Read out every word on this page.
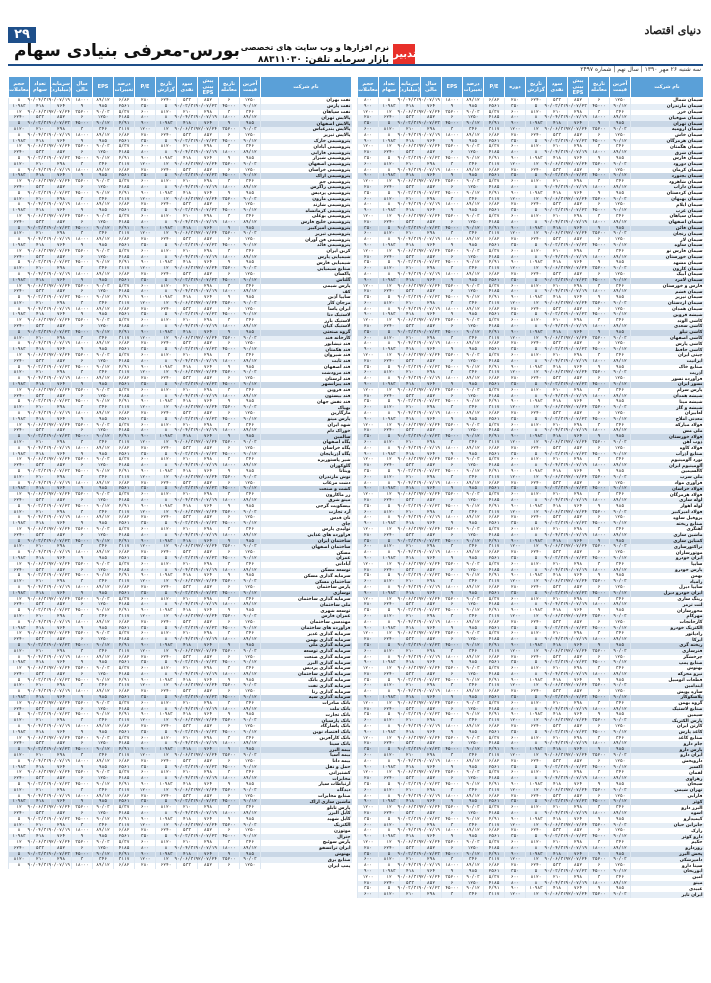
۲۹	دنیای اقتصاد
بورس-معرفی بنیادی سهام	تدبیر
نرم افزارها و وب سایت های تخصصی
بازار سرمایه تلفن: ۸۸۳۱۱۰۳۰
سه شنبه ۲۶ مهر ۱۳۹۰ | سال نهم | شماره ۲۴۹۷
نام شرکت	آخرین قیمت	تاریخ معامله	پیش بینی EPS	سود نقدی	تاریخ گزارش	دوره	P/E	درصد تغییرات	EPS	سال مالی	سرمایه (میلیارد)	تعداد سهام	حجم معاملات
سیمان شمال	۱۲۵۰	۶	۸۵۲	۵۳۳	۶۲۴۰	۲۸۰	۶/۸۲	۸۹/۱۲	۱۸۰۰۰	۹۰/۰۷/۱۹	۹۰/۰۴/۳۱	۸	۸۰۰
سیمان مازندران	۹۰/۱۲	۴۵۰۰۰	۹۰/۰۷/۲۳	۹۰/۰۳/۳۱	۵	۳۵۰	۲۵۶۱	۹۸۵	۹	۷۶۴	۴۱۸	۱۰۹۸۳	۹۰۰
سیمان خزر	۳۴۶	۳	۲۹۸	۲۱۰	۸۱۲۰	۶۰۰	۵/۳۷	۹۰/۰۳	۳۵۲۰۰	۹۲/۰۷/۲۴	۹۰/۰۶/۳۱	۱۲	۱۲۰۰
سیمان صوفیان	۸۹/۱۲	۱۸۰۰۰	۹۰/۰۷/۱۹	۹۰/۰۴/۳۱	۸	۸۰۰	۴۱۸۵	۱۲۵۰	۶	۸۵۲	۵۳۳	۶۲۴۰	۲۸۰
سیمان تهران	۹۸۵	۹	۷۶۴	۴۱۸	۱۰۹۸۳	۹۰۰	۴/۹۱	۹۰/۱۲	۴۵۰۰۰	۹۰/۰۷/۲۳	۹۰/۰۳/۳۱	۵	۳۵۰
سیمان ارومیه	۹۰/۰۳	۳۵۲۰۰	۹۲/۰۷/۲۴	۹۰/۰۶/۳۱	۱۲	۱۲۰۰	۳۱۱۷	۳۴۶	۳	۲۹۸	۲۱۰	۸۱۲۰	۶۰۰
سیمان خاش	۱۲۵۰	۶	۸۵۲	۵۳۳	۶۲۴۰	۲۸۰	۶/۸۲	۸۹/۱۲	۱۸۰۰۰	۹۰/۰۷/۱۹	۹۰/۰۴/۳۱	۸	۸۰۰
سیمان هرمزگان	۹۰/۱۲	۴۵۰۰۰	۹۰/۰۷/۲۳	۹۰/۰۳/۳۱	۵	۳۵۰	۲۵۶۱	۹۸۵	۹	۷۶۴	۴۱۸	۱۰۹۸۳	۹۰۰
سیمان هگمتان	۳۴۶	۳	۲۹۸	۲۱۰	۸۱۲۰	۶۰۰	۵/۳۷	۹۰/۰۳	۳۵۲۰۰	۹۲/۰۷/۲۴	۹۰/۰۶/۳۱	۱۲	۱۲۰۰
سیمان شرق	۸۹/۱۲	۱۸۰۰۰	۹۰/۰۷/۱۹	۹۰/۰۴/۳۱	۸	۸۰۰	۴۱۸۵	۱۲۵۰	۶	۸۵۲	۵۳۳	۶۲۴۰	۲۸۰
سیمان فارس	۹۸۵	۹	۷۶۴	۴۱۸	۱۰۹۸۳	۹۰۰	۴/۹۱	۹۰/۱۲	۴۵۰۰۰	۹۰/۰۷/۲۳	۹۰/۰۳/۳۱	۵	۳۵۰
سیمان دورود	۹۰/۰۳	۳۵۲۰۰	۹۲/۰۷/۲۴	۹۰/۰۶/۳۱	۱۲	۱۲۰۰	۳۱۱۷	۳۴۶	۳	۲۹۸	۲۱۰	۸۱۲۰	۶۰۰
سیمان کرمان	۱۲۵۰	۶	۸۵۲	۵۳۳	۶۲۴۰	۲۸۰	۶/۸۲	۸۹/۱۲	۱۸۰۰۰	۹۰/۰۷/۱۹	۹۰/۰۴/۳۱	۸	۸۰۰
سیمان بجنورد	۹۰/۱۲	۴۵۰۰۰	۹۰/۰۷/۲۳	۹۰/۰۳/۳۱	۵	۳۵۰	۲۵۶۱	۹۸۵	۹	۷۶۴	۴۱۸	۱۰۹۸۳	۹۰۰
سیمان شاهرود	۳۴۶	۳	۲۹۸	۲۱۰	۸۱۲۰	۶۰۰	۵/۳۷	۹۰/۰۳	۳۵۲۰۰	۹۲/۰۷/۲۴	۹۰/۰۶/۳۱	۱۲	۱۲۰۰
سیمان داراب	۸۹/۱۲	۱۸۰۰۰	۹۰/۰۷/۱۹	۹۰/۰۴/۳۱	۸	۸۰۰	۴۱۸۵	۱۲۵۰	۶	۸۵۲	۵۳۳	۶۲۴۰	۲۸۰
سیمان کردستان	۹۸۵	۹	۷۶۴	۴۱۸	۱۰۹۸۳	۹۰۰	۴/۹۱	۹۰/۱۲	۴۵۰۰۰	۹۰/۰۷/۲۳	۹۰/۰۳/۳۱	۵	۳۵۰
سیمان بهبهان	۹۰/۰۳	۳۵۲۰۰	۹۲/۰۷/۲۴	۹۰/۰۶/۳۱	۱۲	۱۲۰۰	۳۱۱۷	۳۴۶	۳	۲۹۸	۲۱۰	۸۱۲۰	۶۰۰
سیمان ایلام	۱۲۵۰	۶	۸۵۲	۵۳۳	۶۲۴۰	۲۸۰	۶/۸۲	۸۹/۱۲	۱۸۰۰۰	۹۰/۰۷/۱۹	۹۰/۰۴/۳۱	۸	۸۰۰
سیمان غرب	۹۰/۱۲	۴۵۰۰۰	۹۰/۰۷/۲۳	۹۰/۰۳/۳۱	۵	۳۵۰	۲۵۶۱	۹۸۵	۹	۷۶۴	۴۱۸	۱۰۹۸۳	۹۰۰
سیمان سپاهان	۳۴۶	۳	۲۹۸	۲۱۰	۸۱۲۰	۶۰۰	۵/۳۷	۹۰/۰۳	۳۵۲۰۰	۹۲/۰۷/۲۴	۹۰/۰۶/۳۱	۱۲	۱۲۰۰
سیمان اصفهان	۸۹/۱۲	۱۸۰۰۰	۹۰/۰۷/۱۹	۹۰/۰۴/۳۱	۸	۸۰۰	۴۱۸۵	۱۲۵۰	۶	۸۵۲	۵۳۳	۶۲۴۰	۲۸۰
سیمان قائن	۹۸۵	۹	۷۶۴	۴۱۸	۱۰۹۸۳	۹۰۰	۴/۹۱	۹۰/۱۲	۴۵۰۰۰	۹۰/۰۷/۲۳	۹۰/۰۳/۳۱	۵	۳۵۰
سیمان زنجان	۹۰/۰۳	۳۵۲۰۰	۹۲/۰۷/۲۴	۹۰/۰۶/۳۱	۱۲	۱۲۰۰	۳۱۱۷	۳۴۶	۳	۲۹۸	۲۱۰	۸۱۲۰	۶۰۰
سیمان لار	۱۲۵۰	۶	۸۵۲	۵۳۳	۶۲۴۰	۲۸۰	۶/۸۲	۸۹/۱۲	۱۸۰۰۰	۹۰/۰۷/۱۹	۹۰/۰۴/۳۱	۸	۸۰۰
سیمان ساوه	۹۰/۱۲	۴۵۰۰۰	۹۰/۰۷/۲۳	۹۰/۰۳/۳۱	۵	۳۵۰	۲۵۶۱	۹۸۵	۹	۷۶۴	۴۱۸	۱۰۹۸۳	۹۰۰
سیمان فارس نو	۳۴۶	۳	۲۹۸	۲۱۰	۸۱۲۰	۶۰۰	۵/۳۷	۹۰/۰۳	۳۵۲۰۰	۹۲/۰۷/۲۴	۹۰/۰۶/۳۱	۱۲	۱۲۰۰
سیمان خوزستان	۸۹/۱۲	۱۸۰۰۰	۹۰/۰۷/۱۹	۹۰/۰۴/۳۱	۸	۸۰۰	۴۱۸۵	۱۲۵۰	۶	۸۵۲	۵۳۳	۶۲۴۰	۲۸۰
سیمان مشهد	۹۸۵	۹	۷۶۴	۴۱۸	۱۰۹۸۳	۹۰۰	۴/۹۱	۹۰/۱۲	۴۵۰۰۰	۹۰/۰۷/۲۳	۹۰/۰۳/۳۱	۵	۳۵۰
سیمان کارون	۹۰/۰۳	۳۵۲۰۰	۹۲/۰۷/۲۴	۹۰/۰۶/۳۱	۱۲	۱۲۰۰	۳۱۱۷	۳۴۶	۳	۲۹۸	۲۱۰	۸۱۲۰	۶۰۰
سیمان آبیک	۱۲۵۰	۶	۸۵۲	۵۳۳	۶۲۴۰	۲۸۰	۶/۸۲	۸۹/۱۲	۱۸۰۰۰	۹۰/۰۷/۱۹	۹۰/۰۴/۳۱	۸	۸۰۰
سیمان لامرد	۹۰/۱۲	۴۵۰۰۰	۹۰/۰۷/۲۳	۹۰/۰۳/۳۱	۵	۳۵۰	۲۵۶۱	۹۸۵	۹	۷۶۴	۴۱۸	۱۰۹۸۳	۹۰۰
فارس و خوزستان	۳۴۶	۳	۲۹۸	۲۱۰	۸۱۲۰	۶۰۰	۵/۳۷	۹۰/۰۳	۳۵۲۰۰	۹۲/۰۷/۲۴	۹۰/۰۶/۳۱	۱۲	۱۲۰۰
سیمان قشم	۸۹/۱۲	۱۸۰۰۰	۹۰/۰۷/۱۹	۹۰/۰۴/۳۱	۸	۸۰۰	۴۱۸۵	۱۲۵۰	۶	۸۵۲	۵۳۳	۶۲۴۰	۲۸۰
سیمان نیریز	۹۸۵	۹	۷۶۴	۴۱۸	۱۰۹۸۳	۹۰۰	۴/۹۱	۹۰/۱۲	۴۵۰۰۰	۹۰/۰۷/۲۳	۹۰/۰۳/۳۱	۵	۳۵۰
سیمان اردستان	۹۰/۰۳	۳۵۲۰۰	۹۲/۰۷/۲۴	۹۰/۰۶/۳۱	۱۲	۱۲۰۰	۳۱۱۷	۳۴۶	۳	۲۹۸	۲۱۰	۸۱۲۰	۶۰۰
سیمان همدان	۱۲۵۰	۶	۸۵۲	۵۳۳	۶۲۴۰	۲۸۰	۶/۸۲	۸۹/۱۲	۱۸۰۰۰	۹۰/۰۷/۱۹	۹۰/۰۴/۳۱	۸	۸۰۰
شیشه قزوین	۹۰/۱۲	۴۵۰۰۰	۹۰/۰۷/۲۳	۹۰/۰۳/۳۱	۵	۳۵۰	۲۵۶۱	۹۸۵	۹	۷۶۴	۴۱۸	۱۰۹۸۳	۹۰۰
کاشی الوند	۳۴۶	۳	۲۹۸	۲۱۰	۸۱۲۰	۶۰۰	۵/۳۷	۹۰/۰۳	۳۵۲۰۰	۹۲/۰۷/۲۴	۹۰/۰۶/۳۱	۱۲	۱۲۰۰
کاشی سعدی	۸۹/۱۲	۱۸۰۰۰	۹۰/۰۷/۱۹	۹۰/۰۴/۳۱	۸	۸۰۰	۴۱۸۵	۱۲۵۰	۶	۸۵۲	۵۳۳	۶۲۴۰	۲۸۰
کاشی نیلو	۹۸۵	۹	۷۶۴	۴۱۸	۱۰۹۸۳	۹۰۰	۴/۹۱	۹۰/۱۲	۴۵۰۰۰	۹۰/۰۷/۲۳	۹۰/۰۳/۳۱	۵	۳۵۰
کاشی اصفهان	۹۰/۰۳	۳۵۲۰۰	۹۲/۰۷/۲۴	۹۰/۰۶/۳۱	۱۲	۱۲۰۰	۳۱۱۷	۳۴۶	۳	۲۹۸	۲۱۰	۸۱۲۰	۶۰۰
کاشی پارس	۱۲۵۰	۶	۸۵۲	۵۳۳	۶۲۴۰	۲۸۰	۶/۸۲	۸۹/۱۲	۱۸۰۰۰	۹۰/۰۷/۱۹	۹۰/۰۴/۳۱	۸	۸۰۰
کاشی حافظ	۹۰/۱۲	۴۵۰۰۰	۹۰/۰۷/۲۳	۹۰/۰۳/۳۱	۵	۳۵۰	۲۵۶۱	۹۸۵	۹	۷۶۴	۴۱۸	۱۰۹۸۳	۹۰۰
چینی ایران	۳۴۶	۳	۲۹۸	۲۱۰	۸۱۲۰	۶۰۰	۵/۳۷	۹۰/۰۳	۳۵۲۰۰	۹۲/۰۷/۲۴	۹۰/۰۶/۳۱	۱۲	۱۲۰۰
ایرانیت	۸۹/۱۲	۱۸۰۰۰	۹۰/۰۷/۱۹	۹۰/۰۴/۳۱	۸	۸۰۰	۴۱۸۵	۱۲۵۰	۶	۸۵۲	۵۳۳	۶۲۴۰	۲۸۰
صنایع خاک	۹۸۵	۹	۷۶۴	۴۱۸	۱۰۹۸۳	۹۰۰	۴/۹۱	۹۰/۱۲	۴۵۰۰۰	۹۰/۰۷/۲۳	۹۰/۰۳/۳۱	۵	۳۵۰
آذریت	۹۰/۰۳	۳۵۲۰۰	۹۲/۰۷/۲۴	۹۰/۰۶/۳۱	۱۲	۱۲۰۰	۳۱۱۷	۳۴۶	۳	۲۹۸	۲۱۰	۸۱۲۰	۶۰۰
فرآورده نسوز	۱۲۵۰	۶	۸۵۲	۵۳۳	۶۲۴۰	۲۸۰	۶/۸۲	۸۹/۱۲	۱۸۰۰۰	۹۰/۰۷/۱۹	۹۰/۰۴/۳۱	۸	۸۰۰
نسوز ایران	۹۰/۱۲	۴۵۰۰۰	۹۰/۰۷/۲۳	۹۰/۰۳/۳۱	۵	۳۵۰	۲۵۶۱	۹۸۵	۹	۷۶۴	۴۱۸	۱۰۹۸۳	۹۰۰
پارس سرام	۳۴۶	۳	۲۹۸	۲۱۰	۸۱۲۰	۶۰۰	۵/۳۷	۹۰/۰۳	۳۵۲۰۰	۹۲/۰۷/۲۴	۹۰/۰۶/۳۱	۱۲	۱۲۰۰
شیشه همدان	۸۹/۱۲	۱۸۰۰۰	۹۰/۰۷/۱۹	۹۰/۰۴/۳۱	۸	۸۰۰	۴۱۸۵	۱۲۵۰	۶	۸۵۲	۵۳۳	۶۲۴۰	۲۸۰
شیشه مینا	۹۸۵	۹	۷۶۴	۴۱۸	۱۰۹۸۳	۹۰۰	۴/۹۱	۹۰/۱۲	۴۵۰۰۰	۹۰/۰۷/۲۳	۹۰/۰۳/۳۱	۵	۳۵۰
شیشه و گاز	۹۰/۰۳	۳۵۲۰۰	۹۲/۰۷/۲۴	۹۰/۰۶/۳۱	۱۲	۱۲۰۰	۳۱۱۷	۳۴۶	۳	۲۹۸	۲۱۰	۸۱۲۰	۶۰۰
لعابیران	۱۲۵۰	۶	۸۵۲	۵۳۳	۶۲۴۰	۲۸۰	۶/۸۲	۸۹/۱۲	۱۸۰۰۰	۹۰/۰۷/۱۹	۹۰/۰۴/۳۱	۸	۸۰۰
معدنی املاح	۹۰/۱۲	۴۵۰۰۰	۹۰/۰۷/۲۳	۹۰/۰۳/۳۱	۵	۳۵۰	۲۵۶۱	۹۸۵	۹	۷۶۴	۴۱۸	۱۰۹۸۳	۹۰۰
فولاد مبارکه	۳۴۶	۳	۲۹۸	۲۱۰	۸۱۲۰	۶۰۰	۵/۳۷	۹۰/۰۳	۳۵۲۰۰	۹۲/۰۷/۲۴	۹۰/۰۶/۳۱	۱۲	۱۲۰۰
ملی مس	۸۹/۱۲	۱۸۰۰۰	۹۰/۰۷/۱۹	۹۰/۰۴/۳۱	۸	۸۰۰	۴۱۸۵	۱۲۵۰	۶	۸۵۲	۵۳۳	۶۲۴۰	۲۸۰
فولاد خوزستان	۹۸۵	۹	۷۶۴	۴۱۸	۱۰۹۸۳	۹۰۰	۴/۹۱	۹۰/۱۲	۴۵۰۰۰	۹۰/۰۷/۲۳	۹۰/۰۳/۳۱	۵	۳۵۰
ذوب آهن	۹۰/۰۳	۳۵۲۰۰	۹۲/۰۷/۲۴	۹۰/۰۶/۳۱	۱۲	۱۲۰۰	۳۱۱۷	۳۴۶	۳	۲۹۸	۲۱۰	۸۱۲۰	۶۰۰
فولاد کاوه	۱۲۵۰	۶	۸۵۲	۵۳۳	۶۲۴۰	۲۸۰	۶/۸۲	۸۹/۱۲	۱۸۰۰۰	۹۰/۰۷/۱۹	۹۰/۰۴/۳۱	۸	۸۰۰
صنایع آذرآب	۹۰/۱۲	۴۵۰۰۰	۹۰/۰۷/۲۳	۹۰/۰۳/۳۱	۵	۳۵۰	۲۵۶۱	۹۸۵	۹	۷۶۴	۴۱۸	۱۰۹۸۳	۹۰۰
نورد آلومینیوم	۳۴۶	۳	۲۹۸	۲۱۰	۸۱۲۰	۶۰۰	۵/۳۷	۹۰/۰۳	۳۵۲۰۰	۹۲/۰۷/۲۴	۹۰/۰۶/۳۱	۱۲	۱۲۰۰
آلومینیوم ایران	۸۹/۱۲	۱۸۰۰۰	۹۰/۰۷/۱۹	۹۰/۰۴/۳۱	۸	۸۰۰	۴۱۸۵	۱۲۵۰	۶	۸۵۲	۵۳۳	۶۲۴۰	۲۸۰
کالسیمین	۹۸۵	۹	۷۶۴	۴۱۸	۱۰۹۸۳	۹۰۰	۴/۹۱	۹۰/۱۲	۴۵۰۰۰	۹۰/۰۷/۲۳	۹۰/۰۳/۳۱	۵	۳۵۰
ملی سرب	۹۰/۰۳	۳۵۲۰۰	۹۲/۰۷/۲۴	۹۰/۰۶/۳۱	۱۲	۱۲۰۰	۳۱۱۷	۳۴۶	۳	۲۹۸	۲۱۰	۸۱۲۰	۶۰۰
فرآوری مواد	۱۲۵۰	۶	۸۵۲	۵۳۳	۶۲۴۰	۲۸۰	۶/۸۲	۸۹/۱۲	۱۸۰۰۰	۹۰/۰۷/۱۹	۹۰/۰۴/۳۱	۸	۸۰۰
فولاد خراسان	۹۰/۱۲	۴۵۰۰۰	۹۰/۰۷/۲۳	۹۰/۰۳/۳۱	۵	۳۵۰	۲۵۶۱	۹۸۵	۹	۷۶۴	۴۱۸	۱۰۹۸۳	۹۰۰
فولاد هرمزگان	۳۴۶	۳	۲۹۸	۲۱۰	۸۱۲۰	۶۰۰	۵/۳۷	۹۰/۰۳	۳۵۲۰۰	۹۲/۰۷/۲۴	۹۰/۰۶/۳۱	۱۲	۱۲۰۰
لوله سازی	۸۹/۱۲	۱۸۰۰۰	۹۰/۰۷/۱۹	۹۰/۰۴/۳۱	۸	۸۰۰	۴۱۸۵	۱۲۵۰	۶	۸۵۲	۵۳۳	۶۲۴۰	۲۸۰
لوله اهواز	۹۸۵	۹	۷۶۴	۴۱۸	۱۰۹۸۳	۹۰۰	۴/۹۱	۹۰/۱۲	۴۵۰۰۰	۹۰/۰۷/۲۳	۹۰/۰۳/۳۱	۵	۳۵۰
فولاد امیرکبیر	۹۰/۰۳	۳۵۲۰۰	۹۲/۰۷/۲۴	۹۰/۰۶/۳۱	۱۲	۱۲۰۰	۳۱۱۷	۳۴۶	۳	۲۹۸	۲۱۰	۸۱۲۰	۶۰۰
پروفیل ساوه	۱۲۵۰	۶	۸۵۲	۵۳۳	۶۲۴۰	۲۸۰	۶/۸۲	۸۹/۱۲	۱۸۰۰۰	۹۰/۰۷/۱۹	۹۰/۰۴/۳۱	۸	۸۰۰
صنایع ریخته	۹۰/۱۲	۴۵۰۰۰	۹۰/۰۷/۲۳	۹۰/۰۳/۳۱	۵	۳۵۰	۲۵۶۱	۹۸۵	۹	۷۶۴	۴۱۸	۱۰۹۸۳	۹۰۰
آهنگری	۳۴۶	۳	۲۹۸	۲۱۰	۸۱۲۰	۶۰۰	۵/۳۷	۹۰/۰۳	۳۵۲۰۰	۹۲/۰۷/۲۴	۹۰/۰۶/۳۱	۱۲	۱۲۰۰
ماشین سازی	۸۹/۱۲	۱۸۰۰۰	۹۰/۰۷/۱۹	۹۰/۰۴/۳۱	۸	۸۰۰	۴۱۸۵	۱۲۵۰	۶	۸۵۲	۵۳۳	۶۲۴۰	۲۸۰
کمباین سازی	۹۸۵	۹	۷۶۴	۴۱۸	۱۰۹۸۳	۹۰۰	۴/۹۱	۹۰/۱۲	۴۵۰۰۰	۹۰/۰۷/۲۳	۹۰/۰۳/۳۱	۵	۳۵۰
تراکتورسازی	۹۰/۰۳	۳۵۲۰۰	۹۲/۰۷/۲۴	۹۰/۰۶/۳۱	۱۲	۱۲۰۰	۳۱۱۷	۳۴۶	۳	۲۹۸	۲۱۰	۸۱۲۰	۶۰۰
موتورسازان	۱۲۵۰	۶	۸۵۲	۵۳۳	۶۲۴۰	۲۸۰	۶/۸۲	۸۹/۱۲	۱۸۰۰۰	۹۰/۰۷/۱۹	۹۰/۰۴/۳۱	۸	۸۰۰
ایران خودرو	۹۰/۱۲	۴۵۰۰۰	۹۰/۰۷/۲۳	۹۰/۰۳/۳۱	۵	۳۵۰	۲۵۶۱	۹۸۵	۹	۷۶۴	۴۱۸	۱۰۹۸۳	۹۰۰
سایپا	۳۴۶	۳	۲۹۸	۲۱۰	۸۱۲۰	۶۰۰	۵/۳۷	۹۰/۰۳	۳۵۲۰۰	۹۲/۰۷/۲۴	۹۰/۰۶/۳۱	۱۲	۱۲۰۰
پارس خودرو	۸۹/۱۲	۱۸۰۰۰	۹۰/۰۷/۱۹	۹۰/۰۴/۳۱	۸	۸۰۰	۴۱۸۵	۱۲۵۰	۶	۸۵۲	۵۳۳	۶۲۴۰	۲۸۰
بهمن	۹۸۵	۹	۷۶۴	۴۱۸	۱۰۹۸۳	۹۰۰	۴/۹۱	۹۰/۱۲	۴۵۰۰۰	۹۰/۰۷/۲۳	۹۰/۰۳/۳۱	۵	۳۵۰
زامیاد	۹۰/۰۳	۳۵۲۰۰	۹۲/۰۷/۲۴	۹۰/۰۶/۳۱	۱۲	۱۲۰۰	۳۱۱۷	۳۴۶	۳	۲۹۸	۲۱۰	۸۱۲۰	۶۰۰
سایپا دیزل	۱۲۵۰	۶	۸۵۲	۵۳۳	۶۲۴۰	۲۸۰	۶/۸۲	۸۹/۱۲	۱۸۰۰۰	۹۰/۰۷/۱۹	۹۰/۰۴/۳۱	۸	۸۰۰
ایران خودرو دیزل	۹۰/۱۲	۴۵۰۰۰	۹۰/۰۷/۲۳	۹۰/۰۳/۳۱	۵	۳۵۰	۲۵۶۱	۹۸۵	۹	۷۶۴	۴۱۸	۱۰۹۸۳	۹۰۰
رینگ سازی	۳۴۶	۳	۲۹۸	۲۱۰	۸۱۲۰	۶۰۰	۵/۳۷	۹۰/۰۳	۳۵۲۰۰	۹۲/۰۷/۲۴	۹۰/۰۶/۳۱	۱۲	۱۲۰۰
لنت ترمز	۸۹/۱۲	۱۸۰۰۰	۹۰/۰۷/۱۹	۹۰/۰۴/۳۱	۸	۸۰۰	۴۱۸۵	۱۲۵۰	۶	۸۵۲	۵۳۳	۶۲۴۰	۲۸۰
محورسازان	۹۸۵	۹	۷۶۴	۴۱۸	۱۰۹۸۳	۹۰۰	۴/۹۱	۹۰/۱۲	۴۵۰۰۰	۹۰/۰۷/۲۳	۹۰/۰۳/۳۱	۵	۳۵۰
مهرکام	۹۰/۰۳	۳۵۲۰۰	۹۲/۰۷/۲۴	۹۰/۰۶/۳۱	۱۲	۱۲۰۰	۳۱۱۷	۳۴۶	۳	۲۹۸	۲۱۰	۸۱۲۰	۶۰۰
کارخانجات	۱۲۵۰	۶	۸۵۲	۵۳۳	۶۲۴۰	۲۸۰	۶/۸۲	۸۹/۱۲	۱۸۰۰۰	۹۰/۰۷/۱۹	۹۰/۰۴/۳۱	۸	۸۰۰
الکتریک خودرو	۹۰/۱۲	۴۵۰۰۰	۹۰/۰۷/۲۳	۹۰/۰۳/۳۱	۵	۳۵۰	۲۵۶۱	۹۸۵	۹	۷۶۴	۴۱۸	۱۰۹۸۳	۹۰۰
رادیاتور	۳۴۶	۳	۲۹۸	۲۱۰	۸۱۲۰	۶۰۰	۵/۳۷	۹۰/۰۳	۳۵۲۰۰	۹۲/۰۷/۲۴	۹۰/۰۶/۳۱	۱۲	۱۲۰۰
ایرکا	۸۹/۱۲	۱۸۰۰۰	۹۰/۰۷/۱۹	۹۰/۰۴/۳۱	۸	۸۰۰	۴۱۸۵	۱۲۵۰	۶	۸۵۲	۵۳۳	۶۲۴۰	۲۸۰
ریخته گری	۹۸۵	۹	۷۶۴	۴۱۸	۱۰۹۸۳	۹۰۰	۴/۹۱	۹۰/۱۲	۴۵۰۰۰	۹۰/۰۷/۲۳	۹۰/۰۳/۳۱	۵	۳۵۰
فنرسازی	۹۰/۰۳	۳۵۲۰۰	۹۲/۰۷/۲۴	۹۰/۰۶/۳۱	۱۲	۱۲۰۰	۳۱۱۷	۳۴۶	۳	۲۹۸	۲۱۰	۸۱۲۰	۶۰۰
چرخشگر	۱۲۵۰	۶	۸۵۲	۵۳۳	۶۲۴۰	۲۸۰	۶/۸۲	۸۹/۱۲	۱۸۰۰۰	۹۰/۰۷/۱۹	۹۰/۰۴/۳۱	۸	۸۰۰
صنایع پمپ	۹۰/۱۲	۴۵۰۰۰	۹۰/۰۷/۲۳	۹۰/۰۳/۳۱	۵	۳۵۰	۲۵۶۱	۹۸۵	۹	۷۶۴	۴۱۸	۱۰۹۸۳	۹۰۰
بهنوش	۳۴۶	۳	۲۹۸	۲۱۰	۸۱۲۰	۶۰۰	۵/۳۷	۹۰/۰۳	۳۵۲۰۰	۹۲/۰۷/۲۴	۹۰/۰۶/۳۱	۱۲	۱۲۰۰
نیرو محرکه	۸۹/۱۲	۱۸۰۰۰	۹۰/۰۷/۱۹	۹۰/۰۴/۳۱	۸	۸۰۰	۴۱۸۵	۱۲۵۰	۶	۸۵۲	۵۳۳	۶۲۴۰	۲۸۰
قطعات اتومبیل	۹۸۵	۹	۷۶۴	۴۱۸	۱۰۹۸۳	۹۰۰	۴/۹۱	۹۰/۱۲	۴۵۰۰۰	۹۰/۰۷/۲۳	۹۰/۰۳/۳۱	۵	۳۵۰
ایندامین	۹۰/۰۳	۳۵۲۰۰	۹۲/۰۷/۲۴	۹۰/۰۶/۳۱	۱۲	۱۲۰۰	۳۱۱۷	۳۴۶	۳	۲۹۸	۲۱۰	۸۱۲۰	۶۰۰
سازه پویش	۱۲۵۰	۶	۸۵۲	۵۳۳	۶۲۴۰	۲۸۰	۶/۸۲	۸۹/۱۲	۱۸۰۰۰	۹۰/۰۷/۱۹	۹۰/۰۴/۳۱	۸	۸۰۰
پلاسکوکار	۹۰/۱۲	۴۵۰۰۰	۹۰/۰۷/۲۳	۹۰/۰۳/۳۱	۵	۳۵۰	۲۵۶۱	۹۸۵	۹	۷۶۴	۴۱۸	۱۰۹۸۳	۹۰۰
گروه بهمن	۳۴۶	۳	۲۹۸	۲۱۰	۸۱۲۰	۶۰۰	۵/۳۷	۹۰/۰۳	۳۵۲۰۰	۹۲/۰۷/۲۴	۹۰/۰۶/۳۱	۱۲	۱۲۰۰
صنایع لاستیک	۸۹/۱۲	۱۸۰۰۰	۹۰/۰۷/۱۹	۹۰/۰۴/۳۱	۸	۸۰۰	۴۱۸۵	۱۲۵۰	۶	۸۵۲	۵۳۳	۶۲۴۰	۲۸۰
سیمین	۹۸۵	۹	۷۶۴	۴۱۸	۱۰۹۸۳	۹۰۰	۴/۹۱	۹۰/۱۲	۴۵۰۰۰	۹۰/۰۷/۲۳	۹۰/۰۳/۳۱	۵	۳۵۰
پارس الکتریک	۹۰/۰۳	۳۵۲۰۰	۹۲/۰۷/۲۴	۹۰/۰۶/۳۱	۱۲	۱۲۰۰	۳۱۱۷	۳۴۶	۳	۲۹۸	۲۱۰	۸۱۲۰	۶۰۰
کارتن ایران	۱۲۵۰	۶	۸۵۲	۵۳۳	۶۲۴۰	۲۸۰	۶/۸۲	۸۹/۱۲	۱۸۰۰۰	۹۰/۰۷/۱۹	۹۰/۰۴/۳۱	۸	۸۰۰
کاغذ پارس	۹۰/۱۲	۴۵۰۰۰	۹۰/۰۷/۲۳	۹۰/۰۳/۳۱	۵	۳۵۰	۲۵۶۱	۹۸۵	۹	۷۶۴	۴۱۸	۱۰۹۸۳	۹۰۰
صنایع کاغذ	۳۴۶	۳	۲۹۸	۲۱۰	۸۱۲۰	۶۰۰	۵/۳۷	۹۰/۰۳	۳۵۲۰۰	۹۲/۰۷/۲۴	۹۰/۰۶/۳۱	۱۲	۱۲۰۰
جام دارو	۸۹/۱۲	۱۸۰۰۰	۹۰/۰۷/۱۹	۹۰/۰۴/۳۱	۸	۸۰۰	۴۱۸۵	۱۲۵۰	۶	۸۵۲	۵۳۳	۶۲۴۰	۲۸۰
پارس دارو	۹۸۵	۹	۷۶۴	۴۱۸	۱۰۹۸۳	۹۰۰	۴/۹۱	۹۰/۱۲	۴۵۰۰۰	۹۰/۰۷/۲۳	۹۰/۰۳/۳۱	۵	۳۵۰
ایران دارو	۹۰/۰۳	۳۵۲۰۰	۹۲/۰۷/۲۴	۹۰/۰۶/۳۱	۱۲	۱۲۰۰	۳۱۱۷	۳۴۶	۳	۲۹۸	۲۱۰	۸۱۲۰	۶۰۰
داروپخش	۱۲۵۰	۶	۸۵۲	۵۳۳	۶۲۴۰	۲۸۰	۶/۸۲	۸۹/۱۲	۱۸۰۰۰	۹۰/۰۷/۱۹	۹۰/۰۴/۳۱	۸	۸۰۰
اکسیر	۹۰/۱۲	۴۵۰۰۰	۹۰/۰۷/۲۳	۹۰/۰۳/۳۱	۵	۳۵۰	۲۵۶۱	۹۸۵	۹	۷۶۴	۴۱۸	۱۰۹۸۳	۹۰۰
لقمان	۳۴۶	۳	۲۹۸	۲۱۰	۸۱۲۰	۶۰۰	۵/۳۷	۹۰/۰۳	۳۵۲۰۰	۹۲/۰۷/۲۴	۹۰/۰۶/۳۱	۱۲	۱۲۰۰
زهراوی	۸۹/۱۲	۱۸۰۰۰	۹۰/۰۷/۱۹	۹۰/۰۴/۳۱	۸	۸۰۰	۴۱۸۵	۱۲۵۰	۶	۸۵۲	۵۳۳	۶۲۴۰	۲۸۰
سبحان	۹۸۵	۹	۷۶۴	۴۱۸	۱۰۹۸۳	۹۰۰	۴/۹۱	۹۰/۱۲	۴۵۰۰۰	۹۰/۰۷/۲۳	۹۰/۰۳/۳۱	۵	۳۵۰
تهران شیمی	۹۰/۰۳	۳۵۲۰۰	۹۲/۰۷/۲۴	۹۰/۰۶/۳۱	۱۲	۱۲۰۰	۳۱۱۷	۳۴۶	۳	۲۹۸	۲۱۰	۸۱۲۰	۶۰۰
فارابی	۱۲۵۰	۶	۸۵۲	۵۳۳	۶۲۴۰	۲۸۰	۶/۸۲	۸۹/۱۲	۱۸۰۰۰	۹۰/۰۷/۱۹	۹۰/۰۴/۳۱	۸	۸۰۰
کوثر	۹۰/۱۲	۴۵۰۰۰	۹۰/۰۷/۲۳	۹۰/۰۳/۳۱	۵	۳۵۰	۲۵۶۱	۹۸۵	۹	۷۶۴	۴۱۸	۱۰۹۸۳	۹۰۰
البرز دارو	۳۴۶	۳	۲۹۸	۲۱۰	۸۱۲۰	۶۰۰	۵/۳۷	۹۰/۰۳	۳۵۲۰۰	۹۲/۰۷/۲۴	۹۰/۰۶/۳۱	۱۲	۱۲۰۰
اسوه	۸۹/۱۲	۱۸۰۰۰	۹۰/۰۷/۱۹	۹۰/۰۴/۳۱	۸	۸۰۰	۴۱۸۵	۱۲۵۰	۶	۸۵۲	۵۳۳	۶۲۴۰	۲۸۰
کیمیدارو	۹۸۵	۹	۷۶۴	۴۱۸	۱۰۹۸۳	۹۰۰	۴/۹۱	۹۰/۱۲	۴۵۰۰۰	۹۰/۰۷/۲۳	۹۰/۰۳/۳۱	۵	۳۵۰
جابرابن حیان	۹۰/۰۳	۳۵۲۰۰	۹۲/۰۷/۲۴	۹۰/۰۶/۳۱	۱۲	۱۲۰۰	۳۱۱۷	۳۴۶	۳	۲۹۸	۲۱۰	۸۱۲۰	۶۰۰
رازک	۱۲۵۰	۶	۸۵۲	۵۳۳	۶۲۴۰	۲۸۰	۶/۸۲	۸۹/۱۲	۱۸۰۰۰	۹۰/۰۷/۱۹	۹۰/۰۴/۳۱	۸	۸۰۰
دارو کوثر	۹۰/۱۲	۴۵۰۰۰	۹۰/۰۷/۲۳	۹۰/۰۳/۳۱	۵	۳۵۰	۲۵۶۱	۹۸۵	۹	۷۶۴	۴۱۸	۱۰۹۸۳	۹۰۰
حکیم	۳۴۶	۳	۲۹۸	۲۱۰	۸۱۲۰	۶۰۰	۵/۳۷	۹۰/۰۳	۳۵۲۰۰	۹۲/۰۷/۲۴	۹۰/۰۶/۳۱	۱۲	۱۲۰۰
روزدارو	۸۹/۱۲	۱۸۰۰۰	۹۰/۰۷/۱۹	۹۰/۰۴/۳۱	۸	۸۰۰	۴۱۸۵	۱۲۵۰	۶	۸۵۲	۵۳۳	۶۲۴۰	۲۸۰
پخش البرز	۹۸۵	۹	۷۶۴	۴۱۸	۱۰۹۸۳	۹۰۰	۴/۹۱	۹۰/۱۲	۴۵۰۰۰	۹۰/۰۷/۲۳	۹۰/۰۳/۳۱	۵	۳۵۰
دامپزشکی	۹۰/۰۳	۳۵۲۰۰	۹۲/۰۷/۲۴	۹۰/۰۶/۳۱	۱۲	۱۲۰۰	۳۱۱۷	۳۴۶	۳	۲۹۸	۲۱۰	۸۱۲۰	۶۰۰
سینا دارو	۱۲۵۰	۶	۸۵۲	۵۳۳	۶۲۴۰	۲۸۰	۶/۸۲	۸۹/۱۲	۱۸۰۰۰	۹۰/۰۷/۱۹	۹۰/۰۴/۳۱	۸	۸۰۰
ابوریحان	۹۰/۱۲	۴۵۰۰۰	۹۰/۰۷/۲۳	۹۰/۰۳/۳۱	۵	۳۵۰	۲۵۶۱	۹۸۵	۹	۷۶۴	۴۱۸	۱۰۹۸۳	۹۰۰
امین	۳۴۶	۳	۲۹۸	۲۱۰	۸۱۲۰	۶۰۰	۵/۳۷	۹۰/۰۳	۳۵۲۰۰	۹۲/۰۷/۲۴	۹۰/۰۶/۳۱	۱۲	۱۲۰۰
مینو	۸۹/۱۲	۱۸۰۰۰	۹۰/۰۷/۱۹	۹۰/۰۴/۳۱	۸	۸۰۰	۴۱۸۵	۱۲۵۰	۶	۸۵۲	۵۳۳	۶۲۴۰	۲۸۰
عبیدی	۹۸۵	۹	۷۶۴	۴۱۸	۱۰۹۸۳	۹۰۰	۴/۹۱	۹۰/۱۲	۴۵۰۰۰	۹۰/۰۷/۲۳	۹۰/۰۳/۳۱	۵	۳۵۰
ایران تایر	۹۰/۰۳	۳۵۲۰۰	۹۲/۰۷/۲۴	۹۰/۰۶/۳۱	۱۲	۱۲۰۰	۳۱۱۷	۳۴۶	۳	۲۹۸	۲۱۰	۸۱۲۰	۶۰۰
نام شرکت	آخرین قیمت	تاریخ معامله	پیش بینی EPS	سود نقدی	تاریخ گزارش	P/E	درصد تغییرات	EPS	سال مالی	سرمایه (میلیارد)	تعداد سهام	حجم معاملات
نفت بهران	۱۲۵۰	۶	۸۵۲	۵۳۳	۶۲۴۰	۲۸۰	۶/۸۲	۸۹/۱۲	۱۸۰۰۰	۹۰/۰۷/۱۹	۹۰/۰۴/۳۱	۸
نفت پارس	۹۰/۱۲	۴۵۰۰۰	۹۰/۰۷/۲۳	۹۰/۰۳/۳۱	۵	۳۵۰	۲۵۶۱	۹۸۵	۹	۷۶۴	۴۱۸	۱۰۹۸۳
نفت سپاهان	۳۴۶	۳	۲۹۸	۲۱۰	۸۱۲۰	۶۰۰	۵/۳۷	۹۰/۰۳	۳۵۲۰۰	۹۲/۰۷/۲۴	۹۰/۰۶/۳۱	۱۲
پالایش تهران	۸۹/۱۲	۱۸۰۰۰	۹۰/۰۷/۱۹	۹۰/۰۴/۳۱	۸	۸۰۰	۴۱۸۵	۱۲۵۰	۶	۸۵۲	۵۳۳	۶۲۴۰
پالایش اصفهان	۹۸۵	۹	۷۶۴	۴۱۸	۱۰۹۸۳	۹۰۰	۴/۹۱	۹۰/۱۲	۴۵۰۰۰	۹۰/۰۷/۲۳	۹۰/۰۳/۳۱	۵
پالایش بندرعباس	۹۰/۰۳	۳۵۲۰۰	۹۲/۰۷/۲۴	۹۰/۰۶/۳۱	۱۲	۱۲۰۰	۳۱۱۷	۳۴۶	۳	۲۹۸	۲۱۰	۸۱۲۰
پالایش تبریز	۱۲۵۰	۶	۸۵۲	۵۳۳	۶۲۴۰	۲۸۰	۶/۸۲	۸۹/۱۲	۱۸۰۰۰	۹۰/۰۷/۱۹	۹۰/۰۴/۳۱	۸
پتروشیمی خارک	۹۰/۱۲	۴۵۰۰۰	۹۰/۰۷/۲۳	۹۰/۰۳/۳۱	۵	۳۵۰	۲۵۶۱	۹۸۵	۹	۷۶۴	۴۱۸	۱۰۹۸۳
پتروشیمی آبادان	۳۴۶	۳	۲۹۸	۲۱۰	۸۱۲۰	۶۰۰	۵/۳۷	۹۰/۰۳	۳۵۲۰۰	۹۲/۰۷/۲۴	۹۰/۰۶/۳۱	۱۲
پتروشیمی فارابی	۸۹/۱۲	۱۸۰۰۰	۹۰/۰۷/۱۹	۹۰/۰۴/۳۱	۸	۸۰۰	۴۱۸۵	۱۲۵۰	۶	۸۵۲	۵۳۳	۶۲۴۰
پتروشیمی شیراز	۹۸۵	۹	۷۶۴	۴۱۸	۱۰۹۸۳	۹۰۰	۴/۹۱	۹۰/۱۲	۴۵۰۰۰	۹۰/۰۷/۲۳	۹۰/۰۳/۳۱	۵
پتروشیمی اصفهان	۹۰/۰۳	۳۵۲۰۰	۹۲/۰۷/۲۴	۹۰/۰۶/۳۱	۱۲	۱۲۰۰	۳۱۱۷	۳۴۶	۳	۲۹۸	۲۱۰	۸۱۲۰
پتروشیمی خراسان	۱۲۵۰	۶	۸۵۲	۵۳۳	۶۲۴۰	۲۸۰	۶/۸۲	۸۹/۱۲	۱۸۰۰۰	۹۰/۰۷/۱۹	۹۰/۰۴/۳۱	۸
پتروشیمی اراک	۹۰/۱۲	۴۵۰۰۰	۹۰/۰۷/۲۳	۹۰/۰۳/۳۱	۵	۳۵۰	۲۵۶۱	۹۸۵	۹	۷۶۴	۴۱۸	۱۰۹۸۳
پتروشیمی جم	۳۴۶	۳	۲۹۸	۲۱۰	۸۱۲۰	۶۰۰	۵/۳۷	۹۰/۰۳	۳۵۲۰۰	۹۲/۰۷/۲۴	۹۰/۰۶/۳۱	۱۲
پتروشیمی زاگرس	۸۹/۱۲	۱۸۰۰۰	۹۰/۰۷/۱۹	۹۰/۰۴/۳۱	۸	۸۰۰	۴۱۸۵	۱۲۵۰	۶	۸۵۲	۵۳۳	۶۲۴۰
پتروشیمی پردیس	۹۸۵	۹	۷۶۴	۴۱۸	۱۰۹۸۳	۹۰۰	۴/۹۱	۹۰/۱۲	۴۵۰۰۰	۹۰/۰۷/۲۳	۹۰/۰۳/۳۱	۵
پتروشیمی مارون	۹۰/۰۳	۳۵۲۰۰	۹۲/۰۷/۲۴	۹۰/۰۶/۳۱	۱۲	۱۲۰۰	۳۱۱۷	۳۴۶	۳	۲۹۸	۲۱۰	۸۱۲۰
پتروشیمی شازند	۱۲۵۰	۶	۸۵۲	۵۳۳	۶۲۴۰	۲۸۰	۶/۸۲	۸۹/۱۲	۱۸۰۰۰	۹۰/۰۷/۱۹	۹۰/۰۴/۳۱	۸
پتروشیمی کرمانشاه	۹۰/۱۲	۴۵۰۰۰	۹۰/۰۷/۲۳	۹۰/۰۳/۳۱	۵	۳۵۰	۲۵۶۱	۹۸۵	۹	۷۶۴	۴۱۸	۱۰۹۸۳
پتروشیمی بوعلی	۳۴۶	۳	۲۹۸	۲۱۰	۸۱۲۰	۶۰۰	۵/۳۷	۹۰/۰۳	۳۵۲۰۰	۹۲/۰۷/۲۴	۹۰/۰۶/۳۱	۱۲
پتروشیمی خلیج فارس	۸۹/۱۲	۱۸۰۰۰	۹۰/۰۷/۱۹	۹۰/۰۴/۳۱	۸	۸۰۰	۴۱۸۵	۱۲۵۰	۶	۸۵۲	۵۳۳	۶۲۴۰
پتروشیمی امیرکبیر	۹۸۵	۹	۷۶۴	۴۱۸	۱۰۹۸۳	۹۰۰	۴/۹۱	۹۰/۱۲	۴۵۰۰۰	۹۰/۰۷/۲۳	۹۰/۰۳/۳۱	۵
پتروشیمی تبریز	۹۰/۰۳	۳۵۲۰۰	۹۲/۰۷/۲۴	۹۰/۰۶/۳۱	۱۲	۱۲۰۰	۳۱۱۷	۳۴۶	۳	۲۹۸	۲۱۰	۸۱۲۰
پتروشیمی فن آوران	۱۲۵۰	۶	۸۵۲	۵۳۳	۶۲۴۰	۲۸۰	۶/۸۲	۸۹/۱۲	۱۸۰۰۰	۹۰/۰۷/۱۹	۹۰/۰۴/۳۱	۸
پتروشیمی قائد	۹۰/۱۲	۴۵۰۰۰	۹۰/۰۷/۲۳	۹۰/۰۳/۳۱	۵	۳۵۰	۲۵۶۱	۹۸۵	۹	۷۶۴	۴۱۸	۱۰۹۸۳
کربن ایران	۳۴۶	۳	۲۹۸	۲۱۰	۸۱۲۰	۶۰۰	۵/۳۷	۹۰/۰۳	۳۵۲۰۰	۹۲/۰۷/۲۴	۹۰/۰۶/۳۱	۱۲
شیمیایی پارس	۸۹/۱۲	۱۸۰۰۰	۹۰/۰۷/۱۹	۹۰/۰۴/۳۱	۸	۸۰۰	۴۱۸۵	۱۲۵۰	۶	۸۵۲	۵۳۳	۶۲۴۰
شیمیایی فارس	۹۸۵	۹	۷۶۴	۴۱۸	۱۰۹۸۳	۹۰۰	۴/۹۱	۹۰/۱۲	۴۵۰۰۰	۹۰/۰۷/۲۳	۹۰/۰۳/۳۱	۵
صنایع شیمیایی	۹۰/۰۳	۳۵۲۰۰	۹۲/۰۷/۲۴	۹۰/۰۶/۳۱	۱۲	۱۲۰۰	۳۱۱۷	۳۴۶	۳	۲۹۸	۲۱۰	۸۱۲۰
پاکسان	۱۲۵۰	۶	۸۵۲	۵۳۳	۶۲۴۰	۲۸۰	۶/۸۲	۸۹/۱۲	۱۸۰۰۰	۹۰/۰۷/۱۹	۹۰/۰۴/۳۱	۸
گلتاش	۹۰/۱۲	۴۵۰۰۰	۹۰/۰۷/۲۳	۹۰/۰۳/۳۱	۵	۳۵۰	۲۵۶۱	۹۸۵	۹	۷۶۴	۴۱۸	۱۰۹۸۳
پارس شیمی	۳۴۶	۳	۲۹۸	۲۱۰	۸۱۲۰	۶۰۰	۵/۳۷	۹۰/۰۳	۳۵۲۰۰	۹۲/۰۷/۲۴	۹۰/۰۶/۳۱	۱۲
کف	۸۹/۱۲	۱۸۰۰۰	۹۰/۰۷/۱۹	۹۰/۰۴/۳۱	۸	۸۰۰	۴۱۸۵	۱۲۵۰	۶	۸۵۲	۵۳۳	۶۲۴۰
سایپا آذین	۹۸۵	۹	۷۶۴	۴۱۸	۱۰۹۸۳	۹۰۰	۴/۹۱	۹۰/۱۲	۴۵۰۰۰	۹۰/۰۷/۲۳	۹۰/۰۳/۳۱	۵
مرجان کار	۹۰/۰۳	۳۵۲۰۰	۹۲/۰۷/۲۴	۹۰/۰۶/۳۱	۱۲	۱۲۰۰	۳۱۱۷	۳۴۶	۳	۲۹۸	۲۱۰	۸۱۲۰
ایران یاسا	۱۲۵۰	۶	۸۵۲	۵۳۳	۶۲۴۰	۲۸۰	۶/۸۲	۸۹/۱۲	۱۸۰۰۰	۹۰/۰۷/۱۹	۹۰/۰۴/۳۱	۸
لاستیک دنا	۹۰/۱۲	۴۵۰۰۰	۹۰/۰۷/۲۳	۹۰/۰۳/۳۱	۵	۳۵۰	۲۵۶۱	۹۸۵	۹	۷۶۴	۴۱۸	۱۰۹۸۳
لاستیک بارز	۳۴۶	۳	۲۹۸	۲۱۰	۸۱۲۰	۶۰۰	۵/۳۷	۹۰/۰۳	۳۵۲۰۰	۹۲/۰۷/۲۴	۹۰/۰۶/۳۱	۱۲
لاستیک کیان	۸۹/۱۲	۱۸۰۰۰	۹۰/۰۷/۱۹	۹۰/۰۴/۳۱	۸	۸۰۰	۴۱۸۵	۱۲۵۰	۶	۸۵۲	۵۳۳	۶۲۴۰
گروه صنعتی	۹۸۵	۹	۷۶۴	۴۱۸	۱۰۹۸۳	۹۰۰	۴/۹۱	۹۰/۱۲	۴۵۰۰۰	۹۰/۰۷/۲۳	۹۰/۰۳/۳۱	۵
کارخانه قند	۹۰/۰۳	۳۵۲۰۰	۹۲/۰۷/۲۴	۹۰/۰۶/۳۱	۱۲	۱۲۰۰	۳۱۱۷	۳۴۶	۳	۲۹۸	۲۱۰	۸۱۲۰
قند نیشابور	۱۲۵۰	۶	۸۵۲	۵۳۳	۶۲۴۰	۲۸۰	۶/۸۲	۸۹/۱۲	۱۸۰۰۰	۹۰/۰۷/۱۹	۹۰/۰۴/۳۱	۸
قند هکمتان	۹۰/۱۲	۴۵۰۰۰	۹۰/۰۷/۲۳	۹۰/۰۳/۳۱	۵	۳۵۰	۲۵۶۱	۹۸۵	۹	۷۶۴	۴۱۸	۱۰۹۸۳
قند شیروان	۳۴۶	۳	۲۹۸	۲۱۰	۸۱۲۰	۶۰۰	۵/۳۷	۹۰/۰۳	۳۵۲۰۰	۹۲/۰۷/۲۴	۹۰/۰۶/۳۱	۱۲
قند ثابت	۸۹/۱۲	۱۸۰۰۰	۹۰/۰۷/۱۹	۹۰/۰۴/۳۱	۸	۸۰۰	۴۱۸۵	۱۲۵۰	۶	۸۵۲	۵۳۳	۶۲۴۰
قند اصفهان	۹۸۵	۹	۷۶۴	۴۱۸	۱۰۹۸۳	۹۰۰	۴/۹۱	۹۰/۱۲	۴۵۰۰۰	۹۰/۰۷/۲۳	۹۰/۰۳/۳۱	۵
قند مرودشت	۹۰/۰۳	۳۵۲۰۰	۹۲/۰۷/۲۴	۹۰/۰۶/۳۱	۱۲	۱۲۰۰	۳۱۱۷	۳۴۶	۳	۲۹۸	۲۱۰	۸۱۲۰
قند لرستان	۱۲۵۰	۶	۸۵۲	۵۳۳	۶۲۴۰	۲۸۰	۶/۸۲	۸۹/۱۲	۱۸۰۰۰	۹۰/۰۷/۱۹	۹۰/۰۴/۳۱	۸
قند پیرانشهر	۹۰/۱۲	۴۵۰۰۰	۹۰/۰۷/۲۳	۹۰/۰۳/۳۱	۵	۳۵۰	۲۵۶۱	۹۸۵	۹	۷۶۴	۴۱۸	۱۰۹۸۳
قند قزوین	۳۴۶	۳	۲۹۸	۲۱۰	۸۱۲۰	۶۰۰	۵/۳۷	۹۰/۰۳	۳۵۲۰۰	۹۲/۰۷/۲۴	۹۰/۰۶/۳۱	۱۲
قند بیستون	۸۹/۱۲	۱۸۰۰۰	۹۰/۰۷/۱۹	۹۰/۰۴/۳۱	۸	۸۰۰	۴۱۸۵	۱۲۵۰	۶	۸۵۲	۵۳۳	۶۲۴۰
قند نقش جهان	۹۸۵	۹	۷۶۴	۴۱۸	۱۰۹۸۳	۹۰۰	۴/۹۱	۹۰/۱۲	۴۵۰۰۰	۹۰/۰۷/۲۳	۹۰/۰۳/۳۱	۵
بهپاک	۹۰/۰۳	۳۵۲۰۰	۹۲/۰۷/۲۴	۹۰/۰۶/۳۱	۱۲	۱۲۰۰	۳۱۱۷	۳۴۶	۳	۲۹۸	۲۱۰	۸۱۲۰
مارگارین	۱۲۵۰	۶	۸۵۲	۵۳۳	۶۲۴۰	۲۸۰	۶/۸۲	۸۹/۱۲	۱۸۰۰۰	۹۰/۰۷/۱۹	۹۰/۰۴/۳۱	۸
پارس مینو	۹۰/۱۲	۴۵۰۰۰	۹۰/۰۷/۲۳	۹۰/۰۳/۳۱	۵	۳۵۰	۲۵۶۱	۹۸۵	۹	۷۶۴	۴۱۸	۱۰۹۸۳
شهد ایران	۳۴۶	۳	۲۹۸	۲۱۰	۸۱۲۰	۶۰۰	۵/۳۷	۹۰/۰۳	۳۵۲۰۰	۹۲/۰۷/۲۴	۹۰/۰۶/۳۱	۱۲
خوراک دام	۸۹/۱۲	۱۸۰۰۰	۹۰/۰۷/۱۹	۹۰/۰۴/۳۱	۸	۸۰۰	۴۱۸۵	۱۲۵۰	۶	۸۵۲	۵۳۳	۶۲۴۰
سالمین	۹۸۵	۹	۷۶۴	۴۱۸	۱۰۹۸۳	۹۰۰	۴/۹۱	۹۰/۱۲	۴۵۰۰۰	۹۰/۰۷/۲۳	۹۰/۰۳/۳۱	۵
پگاه اصفهان	۹۰/۰۳	۳۵۲۰۰	۹۲/۰۷/۲۴	۹۰/۰۶/۳۱	۱۲	۱۲۰۰	۳۱۱۷	۳۴۶	۳	۲۹۸	۲۱۰	۸۱۲۰
پگاه خراسان	۱۲۵۰	۶	۸۵۲	۵۳۳	۶۲۴۰	۲۸۰	۶/۸۲	۸۹/۱۲	۱۸۰۰۰	۹۰/۰۷/۱۹	۹۰/۰۴/۳۱	۸
پگاه آذربایجان	۹۰/۱۲	۴۵۰۰۰	۹۰/۰۷/۲۳	۹۰/۰۳/۳۱	۵	۳۵۰	۲۵۶۱	۹۸۵	۹	۷۶۴	۴۱۸	۱۰۹۸۳
شیر پاستوریزه	۳۴۶	۳	۲۹۸	۲۱۰	۸۱۲۰	۶۰۰	۵/۳۷	۹۰/۰۳	۳۵۲۰۰	۹۲/۰۷/۲۴	۹۰/۰۶/۳۱	۱۲
گلوکوزان	۸۹/۱۲	۱۸۰۰۰	۹۰/۰۷/۱۹	۹۰/۰۴/۳۱	۸	۸۰۰	۴۱۸۵	۱۲۵۰	۶	۸۵۲	۵۳۳	۶۲۴۰
ویتانا	۹۸۵	۹	۷۶۴	۴۱۸	۱۰۹۸۳	۹۰۰	۴/۹۱	۹۰/۱۲	۴۵۰۰۰	۹۰/۰۷/۲۳	۹۰/۰۳/۳۱	۵
نوش مازندران	۹۰/۰۳	۳۵۲۰۰	۹۲/۰۷/۲۴	۹۰/۰۶/۳۱	۱۲	۱۲۰۰	۳۱۱۷	۳۴۶	۳	۲۹۸	۲۱۰	۸۱۲۰
دشت مرغاب	۱۲۵۰	۶	۸۵۲	۵۳۳	۶۲۴۰	۲۸۰	۶/۸۲	۸۹/۱۲	۱۸۰۰۰	۹۰/۰۷/۱۹	۹۰/۰۴/۳۱	۸
کشت و صنعت	۹۰/۱۲	۴۵۰۰۰	۹۰/۰۷/۲۳	۹۰/۰۳/۳۱	۵	۳۵۰	۲۵۶۱	۹۸۵	۹	۷۶۴	۴۱۸	۱۰۹۸۳
زر ماکارون	۳۴۶	۳	۲۹۸	۲۱۰	۸۱۲۰	۶۰۰	۵/۳۷	۹۰/۰۳	۳۵۲۰۰	۹۲/۰۷/۲۴	۹۰/۰۶/۳۱	۱۲
مینو شرق	۸۹/۱۲	۱۸۰۰۰	۹۰/۰۷/۱۹	۹۰/۰۴/۳۱	۸	۸۰۰	۴۱۸۵	۱۲۵۰	۶	۸۵۲	۵۳۳	۶۲۴۰
بیسکویت گرجی	۹۸۵	۹	۷۶۴	۴۱۸	۱۰۹۸۳	۹۰۰	۴/۹۱	۹۰/۱۲	۴۵۰۰۰	۹۰/۰۷/۲۳	۹۰/۰۳/۳۱	۵
آرد تجارت	۹۰/۰۳	۳۵۲۰۰	۹۲/۰۷/۲۴	۹۰/۰۶/۳۱	۱۲	۱۲۰۰	۳۱۱۷	۳۴۶	۳	۲۹۸	۲۱۰	۸۱۲۰
نان قدس	۱۲۵۰	۶	۸۵۲	۵۳۳	۶۲۴۰	۲۸۰	۶/۸۲	۸۹/۱۲	۱۸۰۰۰	۹۰/۰۷/۱۹	۹۰/۰۴/۳۱	۸
چای	۹۰/۱۲	۴۵۰۰۰	۹۰/۰۷/۲۳	۹۰/۰۳/۳۱	۵	۳۵۰	۲۵۶۱	۹۸۵	۹	۷۶۴	۴۱۸	۱۰۹۸۳
تولیدی پارس	۳۴۶	۳	۲۹۸	۲۱۰	۸۱۲۰	۶۰۰	۵/۳۷	۹۰/۰۳	۳۵۲۰۰	۹۲/۰۷/۲۴	۹۰/۰۶/۳۱	۱۲
فراورده های غذایی	۸۹/۱۲	۱۸۰۰۰	۹۰/۰۷/۱۹	۹۰/۰۴/۳۱	۸	۸۰۰	۴۱۸۵	۱۲۵۰	۶	۸۵۲	۵۳۳	۶۲۴۰
ساختمان ایران	۹۸۵	۹	۷۶۴	۴۱۸	۱۰۹۸۳	۹۰۰	۴/۹۱	۹۰/۱۲	۴۵۰۰۰	۹۰/۰۷/۲۳	۹۰/۰۳/۳۱	۵
ساختمان اصفهان	۹۰/۰۳	۳۵۲۰۰	۹۲/۰۷/۲۴	۹۰/۰۶/۳۱	۱۲	۱۲۰۰	۳۱۱۷	۳۴۶	۳	۲۹۸	۲۱۰	۸۱۲۰
مسکن	۱۲۵۰	۶	۸۵۲	۵۳۳	۶۲۴۰	۲۸۰	۶/۸۲	۸۹/۱۲	۱۸۰۰۰	۹۰/۰۷/۱۹	۹۰/۰۴/۳۱	۸
عمران	۹۰/۱۲	۴۵۰۰۰	۹۰/۰۷/۲۳	۹۰/۰۳/۳۱	۵	۳۵۰	۲۵۶۱	۹۸۵	۹	۷۶۴	۴۱۸	۱۰۹۸۳
آبادانی	۳۴۶	۳	۲۹۸	۲۱۰	۸۱۲۰	۶۰۰	۵/۳۷	۹۰/۰۳	۳۵۲۰۰	۹۲/۰۷/۲۴	۹۰/۰۶/۳۱	۱۲
توسعه مسکن	۸۹/۱۲	۱۸۰۰۰	۹۰/۰۷/۱۹	۹۰/۰۴/۳۱	۸	۸۰۰	۴۱۸۵	۱۲۵۰	۶	۸۵۲	۵۳۳	۶۲۴۰
سرمایه گذاری مسکن	۹۸۵	۹	۷۶۴	۴۱۸	۱۰۹۸۳	۹۰۰	۴/۹۱	۹۰/۱۲	۴۵۰۰۰	۹۰/۰۷/۲۳	۹۰/۰۳/۳۱	۵
ساختمان مسکن	۹۰/۰۳	۳۵۲۰۰	۹۲/۰۷/۲۴	۹۰/۰۶/۳۱	۱۲	۱۲۰۰	۳۱۱۷	۳۴۶	۳	۲۹۸	۲۱۰	۸۱۲۰
پارس ساختمان	۱۲۵۰	۶	۸۵۲	۵۳۳	۶۲۴۰	۲۸۰	۶/۸۲	۸۹/۱۲	۱۸۰۰۰	۹۰/۰۷/۱۹	۹۰/۰۴/۳۱	۸
نوسازی	۹۰/۱۲	۴۵۰۰۰	۹۰/۰۷/۲۳	۹۰/۰۳/۳۱	۵	۳۵۰	۲۵۶۱	۹۸۵	۹	۷۶۴	۴۱۸	۱۰۹۸۳
سرمایه گذاری ساختمان	۳۴۶	۳	۲۹۸	۲۱۰	۸۱۲۰	۶۰۰	۵/۳۷	۹۰/۰۳	۳۵۲۰۰	۹۲/۰۷/۲۴	۹۰/۰۶/۳۱	۱۲
ملی ساختمان	۸۹/۱۲	۱۸۰۰۰	۹۰/۰۷/۱۹	۹۰/۰۴/۳۱	۸	۸۰۰	۴۱۸۵	۱۲۵۰	۶	۸۵۲	۵۳۳	۶۲۴۰
توسعه شهری	۹۸۵	۹	۷۶۴	۴۱۸	۱۰۹۸۳	۹۰۰	۴/۹۱	۹۰/۱۲	۴۵۰۰۰	۹۰/۰۷/۲۳	۹۰/۰۳/۳۱	۵
عمران فارس	۹۰/۰۳	۳۵۲۰۰	۹۲/۰۷/۲۴	۹۰/۰۶/۳۱	۱۲	۱۲۰۰	۳۱۱۷	۳۴۶	۳	۲۹۸	۲۱۰	۸۱۲۰
مهندسی ساختمان	۱۲۵۰	۶	۸۵۲	۵۳۳	۶۲۴۰	۲۸۰	۶/۸۲	۸۹/۱۲	۱۸۰۰۰	۹۰/۰۷/۱۹	۹۰/۰۴/۳۱	۸
فرآورده های ساختمان	۹۰/۱۲	۴۵۰۰۰	۹۰/۰۷/۲۳	۹۰/۰۳/۳۱	۵	۳۵۰	۲۵۶۱	۹۸۵	۹	۷۶۴	۴۱۸	۱۰۹۸۳
سرمایه گذاری غدیر	۳۴۶	۳	۲۹۸	۲۱۰	۸۱۲۰	۶۰۰	۵/۳۷	۹۰/۰۳	۳۵۲۰۰	۹۲/۰۷/۲۴	۹۰/۰۶/۳۱	۱۲
سرمایه گذاری بهمن	۸۹/۱۲	۱۸۰۰۰	۹۰/۰۷/۱۹	۹۰/۰۴/۳۱	۸	۸۰۰	۴۱۸۵	۱۲۵۰	۶	۸۵۲	۵۳۳	۶۲۴۰
سرمایه گذاری ملی	۹۸۵	۹	۷۶۴	۴۱۸	۱۰۹۸۳	۹۰۰	۴/۹۱	۹۰/۱۲	۴۵۰۰۰	۹۰/۰۷/۲۳	۹۰/۰۳/۳۱	۵
سرمایه گذاری توسعه	۹۰/۰۳	۳۵۲۰۰	۹۲/۰۷/۲۴	۹۰/۰۶/۳۱	۱۲	۱۲۰۰	۳۱۱۷	۳۴۶	۳	۲۹۸	۲۱۰	۸۱۲۰
سرمایه گذاری صنعت	۱۲۵۰	۶	۸۵۲	۵۳۳	۶۲۴۰	۲۸۰	۶/۸۲	۸۹/۱۲	۱۸۰۰۰	۹۰/۰۷/۱۹	۹۰/۰۴/۳۱	۸
سرمایه گذاری البرز	۹۰/۱۲	۴۵۰۰۰	۹۰/۰۷/۲۳	۹۰/۰۳/۳۱	۵	۳۵۰	۲۵۶۱	۹۸۵	۹	۷۶۴	۴۱۸	۱۰۹۸۳
سرمایه گذاری پردیس	۳۴۶	۳	۲۹۸	۲۱۰	۸۱۲۰	۶۰۰	۵/۳۷	۹۰/۰۳	۳۵۲۰۰	۹۲/۰۷/۲۴	۹۰/۰۶/۳۱	۱۲
سرمایه گذاری ساختمان	۸۹/۱۲	۱۸۰۰۰	۹۰/۰۷/۱۹	۹۰/۰۴/۳۱	۸	۸۰۰	۴۱۸۵	۱۲۵۰	۶	۸۵۲	۵۳۳	۶۲۴۰
سرمایه گذاری بانک	۹۸۵	۹	۷۶۴	۴۱۸	۱۰۹۸۳	۹۰۰	۴/۹۱	۹۰/۱۲	۴۵۰۰۰	۹۰/۰۷/۲۳	۹۰/۰۳/۳۱	۵
سرمایه گذاری نفت	۹۰/۰۳	۳۵۲۰۰	۹۲/۰۷/۲۴	۹۰/۰۶/۳۱	۱۲	۱۲۰۰	۳۱۱۷	۳۴۶	۳	۲۹۸	۲۱۰	۸۱۲۰
سرمایه گذاری رنا	۱۲۵۰	۶	۸۵۲	۵۳۳	۶۲۴۰	۲۸۰	۶/۸۲	۸۹/۱۲	۱۸۰۰۰	۹۰/۰۷/۱۹	۹۰/۰۴/۳۱	۸
سرمایه گذاری سپه	۹۰/۱۲	۴۵۰۰۰	۹۰/۰۷/۲۳	۹۰/۰۳/۳۱	۵	۳۵۰	۲۵۶۱	۹۸۵	۹	۷۶۴	۴۱۸	۱۰۹۸۳
بانک صادرات	۳۴۶	۳	۲۹۸	۲۱۰	۸۱۲۰	۶۰۰	۵/۳۷	۹۰/۰۳	۳۵۲۰۰	۹۲/۰۷/۲۴	۹۰/۰۶/۳۱	۱۲
بانک ملت	۸۹/۱۲	۱۸۰۰۰	۹۰/۰۷/۱۹	۹۰/۰۴/۳۱	۸	۸۰۰	۴۱۸۵	۱۲۵۰	۶	۸۵۲	۵۳۳	۶۲۴۰
بانک تجارت	۹۸۵	۹	۷۶۴	۴۱۸	۱۰۹۸۳	۹۰۰	۴/۹۱	۹۰/۱۲	۴۵۰۰۰	۹۰/۰۷/۲۳	۹۰/۰۳/۳۱	۵
بانک پارسیان	۹۰/۰۳	۳۵۲۰۰	۹۲/۰۷/۲۴	۹۰/۰۶/۳۱	۱۲	۱۲۰۰	۳۱۱۷	۳۴۶	۳	۲۹۸	۲۱۰	۸۱۲۰
بانک پاسارگاد	۱۲۵۰	۶	۸۵۲	۵۳۳	۶۲۴۰	۲۸۰	۶/۸۲	۸۹/۱۲	۱۸۰۰۰	۹۰/۰۷/۱۹	۹۰/۰۴/۳۱	۸
بانک اقتصاد نوین	۹۰/۱۲	۴۵۰۰۰	۹۰/۰۷/۲۳	۹۰/۰۳/۳۱	۵	۳۵۰	۲۵۶۱	۹۸۵	۹	۷۶۴	۴۱۸	۱۰۹۸۳
بانک کارآفرین	۳۴۶	۳	۲۹۸	۲۱۰	۸۱۲۰	۶۰۰	۵/۳۷	۹۰/۰۳	۳۵۲۰۰	۹۲/۰۷/۲۴	۹۰/۰۶/۳۱	۱۲
بانک سینا	۸۹/۱۲	۱۸۰۰۰	۹۰/۰۷/۱۹	۹۰/۰۴/۳۱	۸	۸۰۰	۴۱۸۵	۱۲۵۰	۶	۸۵۲	۵۳۳	۶۲۴۰
بیمه البرز	۹۸۵	۹	۷۶۴	۴۱۸	۱۰۹۸۳	۹۰۰	۴/۹۱	۹۰/۱۲	۴۵۰۰۰	۹۰/۰۷/۲۳	۹۰/۰۳/۳۱	۵
بیمه آسیا	۹۰/۰۳	۳۵۲۰۰	۹۲/۰۷/۲۴	۹۰/۰۶/۳۱	۱۲	۱۲۰۰	۳۱۱۷	۳۴۶	۳	۲۹۸	۲۱۰	۸۱۲۰
بیمه دانا	۱۲۵۰	۶	۸۵۲	۵۳۳	۶۲۴۰	۲۸۰	۶/۸۲	۸۹/۱۲	۱۸۰۰۰	۹۰/۰۷/۱۹	۹۰/۰۴/۳۱	۸
حمل و نقل	۹۰/۱۲	۴۵۰۰۰	۹۰/۰۷/۲۳	۹۰/۰۳/۳۱	۵	۳۵۰	۲۵۶۱	۹۸۵	۹	۷۶۴	۴۱۸	۱۰۹۸۳
کشتیرانی	۳۴۶	۳	۲۹۸	۲۱۰	۸۱۲۰	۶۰۰	۵/۳۷	۹۰/۰۳	۳۵۲۰۰	۹۲/۰۷/۲۴	۹۰/۰۶/۳۱	۱۲
مخابرات	۸۹/۱۲	۱۸۰۰۰	۹۰/۰۷/۱۹	۹۰/۰۴/۳۱	۸	۸۰۰	۴۱۸۵	۱۲۵۰	۶	۸۵۲	۵۳۳	۶۲۴۰
ارتباطات سیار	۹۸۵	۹	۷۶۴	۴۱۸	۱۰۹۸۳	۹۰۰	۴/۹۱	۹۰/۱۲	۴۵۰۰۰	۹۰/۰۷/۲۳	۹۰/۰۳/۳۱	۵
دیدگاه	۹۰/۰۳	۳۵۲۰۰	۹۲/۰۷/۲۴	۹۰/۰۶/۳۱	۱۲	۱۲۰۰	۳۱۱۷	۳۴۶	۳	۲۹۸	۲۱۰	۸۱۲۰
صنایع مخابرات	۱۲۵۰	۶	۸۵۲	۵۳۳	۶۲۴۰	۲۸۰	۶/۸۲	۸۹/۱۲	۱۸۰۰۰	۹۰/۰۷/۱۹	۹۰/۰۴/۳۱	۸
ماشین سازی اراک	۹۰/۱۲	۴۵۰۰۰	۹۰/۰۷/۲۳	۹۰/۰۳/۳۱	۵	۳۵۰	۲۵۶۱	۹۸۵	۹	۷۶۴	۴۱۸	۱۰۹۸۳
پارس تابلو	۳۴۶	۳	۲۹۸	۲۱۰	۸۱۲۰	۶۰۰	۵/۳۷	۹۰/۰۳	۳۵۲۰۰	۹۲/۰۷/۲۴	۹۰/۰۶/۳۱	۱۲
کابل البرز	۸۹/۱۲	۱۸۰۰۰	۹۰/۰۷/۱۹	۹۰/۰۴/۳۱	۸	۸۰۰	۴۱۸۵	۱۲۵۰	۶	۸۵۲	۵۳۳	۶۲۴۰
کابل شهید	۹۸۵	۹	۷۶۴	۴۱۸	۱۰۹۸۳	۹۰۰	۴/۹۱	۹۰/۱۲	۴۵۰۰۰	۹۰/۰۷/۲۳	۹۰/۰۳/۳۱	۵
الکتریک	۹۰/۰۳	۳۵۲۰۰	۹۲/۰۷/۲۴	۹۰/۰۶/۳۱	۱۲	۱۲۰۰	۳۱۱۷	۳۴۶	۳	۲۹۸	۲۱۰	۸۱۲۰
موتوژن	۱۲۵۰	۶	۸۵۲	۵۳۳	۶۲۴۰	۲۸۰	۶/۸۲	۸۹/۱۲	۱۸۰۰۰	۹۰/۰۷/۱۹	۹۰/۰۴/۳۱	۸
جنرال	۹۰/۱۲	۴۵۰۰۰	۹۰/۰۷/۲۳	۹۰/۰۳/۳۱	۵	۳۵۰	۲۵۶۱	۹۸۵	۹	۷۶۴	۴۱۸	۱۰۹۸۳
پارس سوئیچ	۳۴۶	۳	۲۹۸	۲۱۰	۸۱۲۰	۶۰۰	۵/۳۷	۹۰/۰۳	۳۵۲۰۰	۹۲/۰۷/۲۴	۹۰/۰۶/۳۱	۱۲
ایران ترانسفو	۸۹/۱۲	۱۸۰۰۰	۹۰/۰۷/۱۹	۹۰/۰۴/۳۱	۸	۸۰۰	۴۱۸۵	۱۲۵۰	۶	۸۵۲	۵۳۳	۶۲۴۰
بهنوش	۹۸۵	۹	۷۶۴	۴۱۸	۱۰۹۸۳	۹۰۰	۴/۹۱	۹۰/۱۲	۴۵۰۰۰	۹۰/۰۷/۲۳	۹۰/۰۳/۳۱	۵
صنایع برق	۹۰/۰۳	۳۵۲۰۰	۹۲/۰۷/۲۴	۹۰/۰۶/۳۱	۱۲	۱۲۰۰	۳۱۱۷	۳۴۶	۳	۲۹۸	۲۱۰	۸۱۲۰
پمپ ایران	۱۲۵۰	۶	۸۵۲	۵۳۳	۶۲۴۰	۲۸۰	۶/۸۲	۸۹/۱۲	۱۸۰۰۰	۹۰/۰۷/۱۹	۹۰/۰۴/۳۱	۸
